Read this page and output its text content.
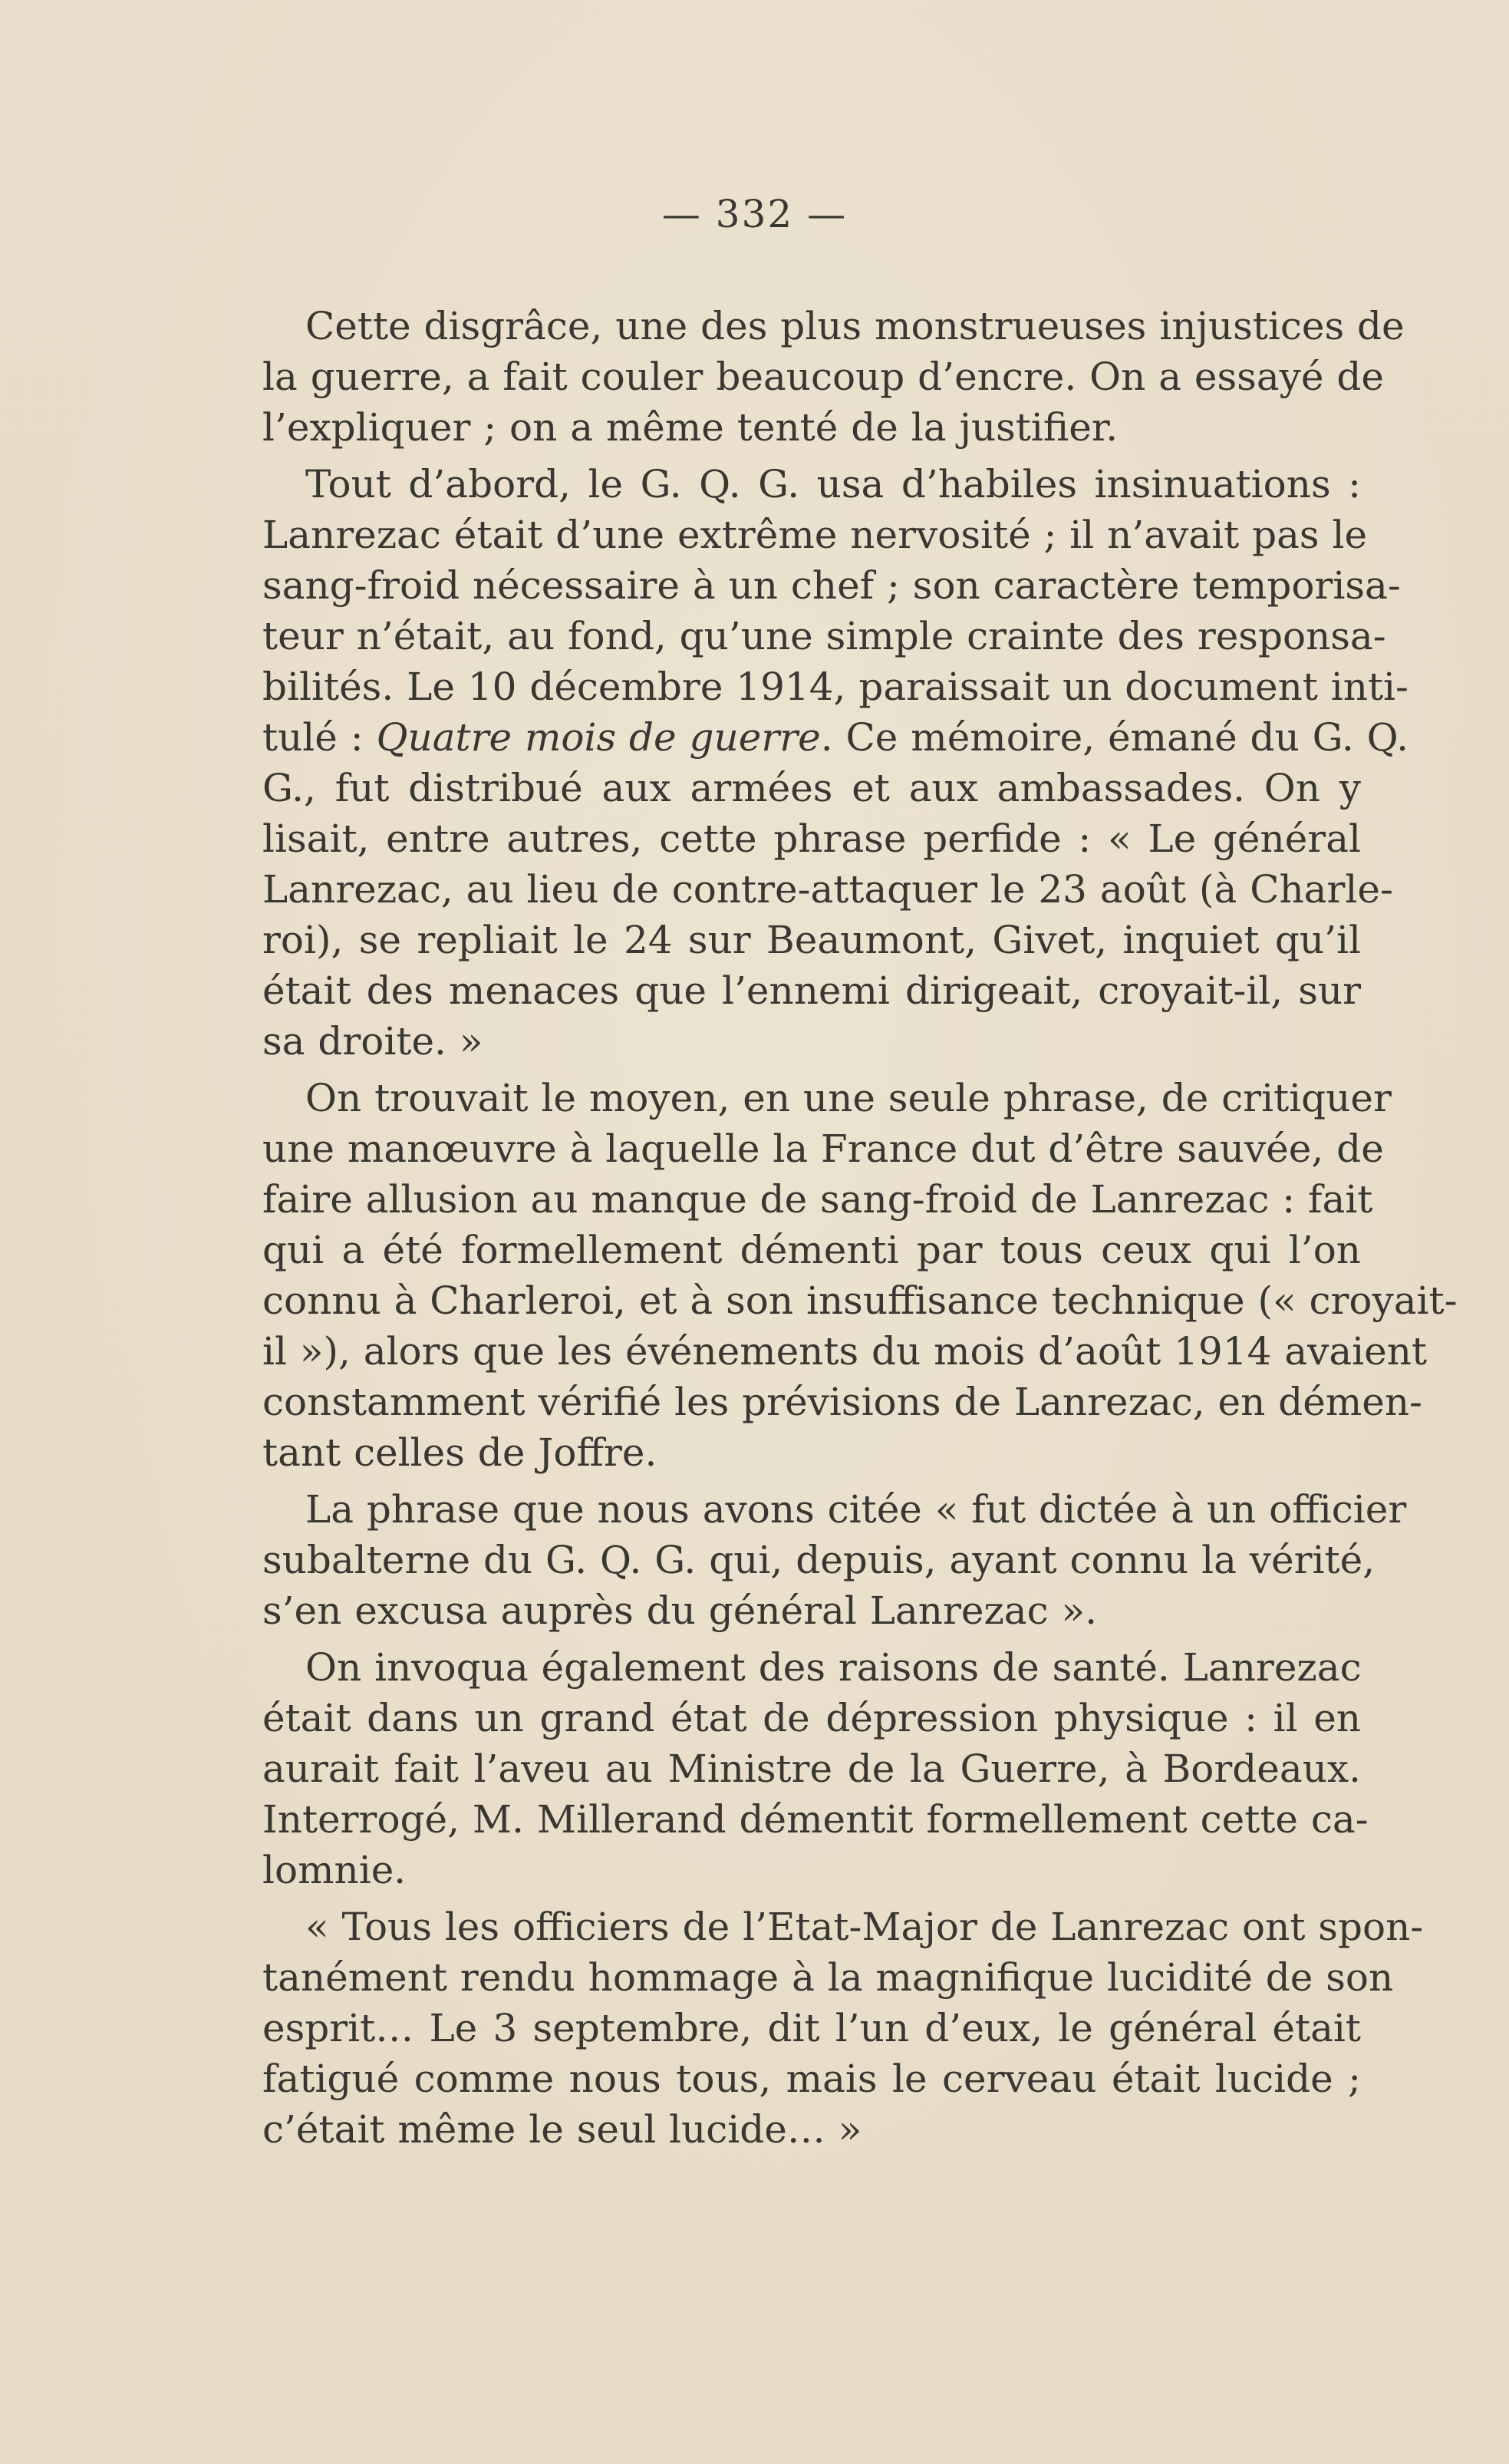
— 332 —

Cette disgrâce, une des plus monstrueuses injustices de
la guerre, a fait couler beaucoup d’encre. On a essayé de
l’expliquer ; on a même tenté de la justifier.

Tout d’abord, le G. Q. G. usa d’habiles insinuations :
Lanrezac était d’une extrême nervosité ; il n’avait pas le
sang-froid nécessaire à un chef ; son caractère temporisa-
teur n’était, au fond, qu’une simple crainte des responsa-
bilités. Le 10 décembre 1914, paraissait un document inti-
tulé : Quatre mois de guerre. Ce mémoire, émané du G. Q.
G., fut distribué aux armées et aux ambassades. On y
lisait, entre autres, cette phrase perfide : « Le général
Lanrezac, au lieu de contre-attaquer le 23 août (à Charle-
roi), se repliait le 24 sur Beaumont, Givet, inquiet qu’il
était des menaces que l’ennemi dirigeait, croyait-il, sur
sa droite. »

On trouvait le moyen, en une seule phrase, de critiquer
une manœuvre à laquelle la France dut d’être sauvée, de
faire allusion au manque de sang-froid de Lanrezac : fait
qui a été formellement démenti par tous ceux qui l’on
connu à Charleroi, et à son insuffisance technique (« croyait-
il »), alors que les événements du mois d’août 1914 avaient
constamment vérifié les prévisions de Lanrezac, en démen-
tant celles de Joffre.

La phrase que nous avons citée « fut dictée à un officier
subalterne du G. Q. G. qui, depuis, ayant connu la vérité,
s’en excusa auprès du général Lanrezac ».

On invoqua également des raisons de santé. Lanrezac
était dans un grand état de dépression physique : il en
aurait fait l’aveu au Ministre de la Guerre, à Bordeaux.
Interrogé, M. Millerand démentit formellement cette ca-
lomnie.

« Tous les officiers de l’Etat-Major de Lanrezac ont spon-
tanément rendu hommage à la magnifique lucidité de son
esprit… Le 3 septembre, dit l’un d’eux, le général était
fatigué comme nous tous, mais le cerveau était lucide ;
c’était même le seul lucide… »
